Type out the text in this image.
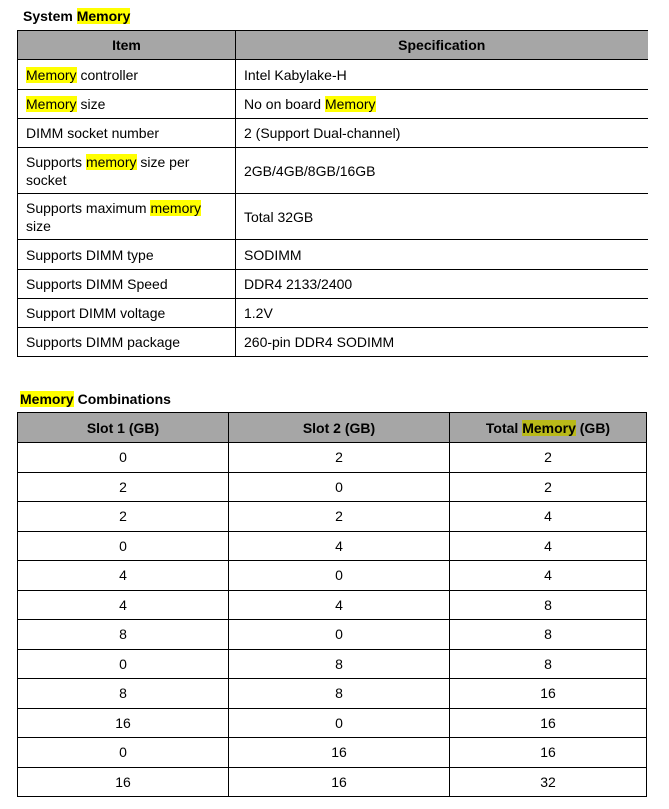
System Memory
Item	Specification
Memory controller	Intel Kabylake-H
Memory size	No on board Memory
DIMM socket number	2 (Support Dual-channel)
Supports memory size per socket	2GB/4GB/8GB/16GB
Supports maximum memory size	Total 32GB
Supports DIMM type	SODIMM
Supports DIMM Speed	DDR4 2133/2400
Support DIMM voltage	1.2V
Supports DIMM package	260-pin DDR4 SODIMM
Memory Combinations
Slot 1 (GB)	Slot 2 (GB)	Total Memory (GB)
0	2	2
2	0	2
2	2	4
0	4	4
4	0	4
4	4	8
8	0	8
0	8	8
8	8	16
16	0	16
0	16	16
16	16	32
